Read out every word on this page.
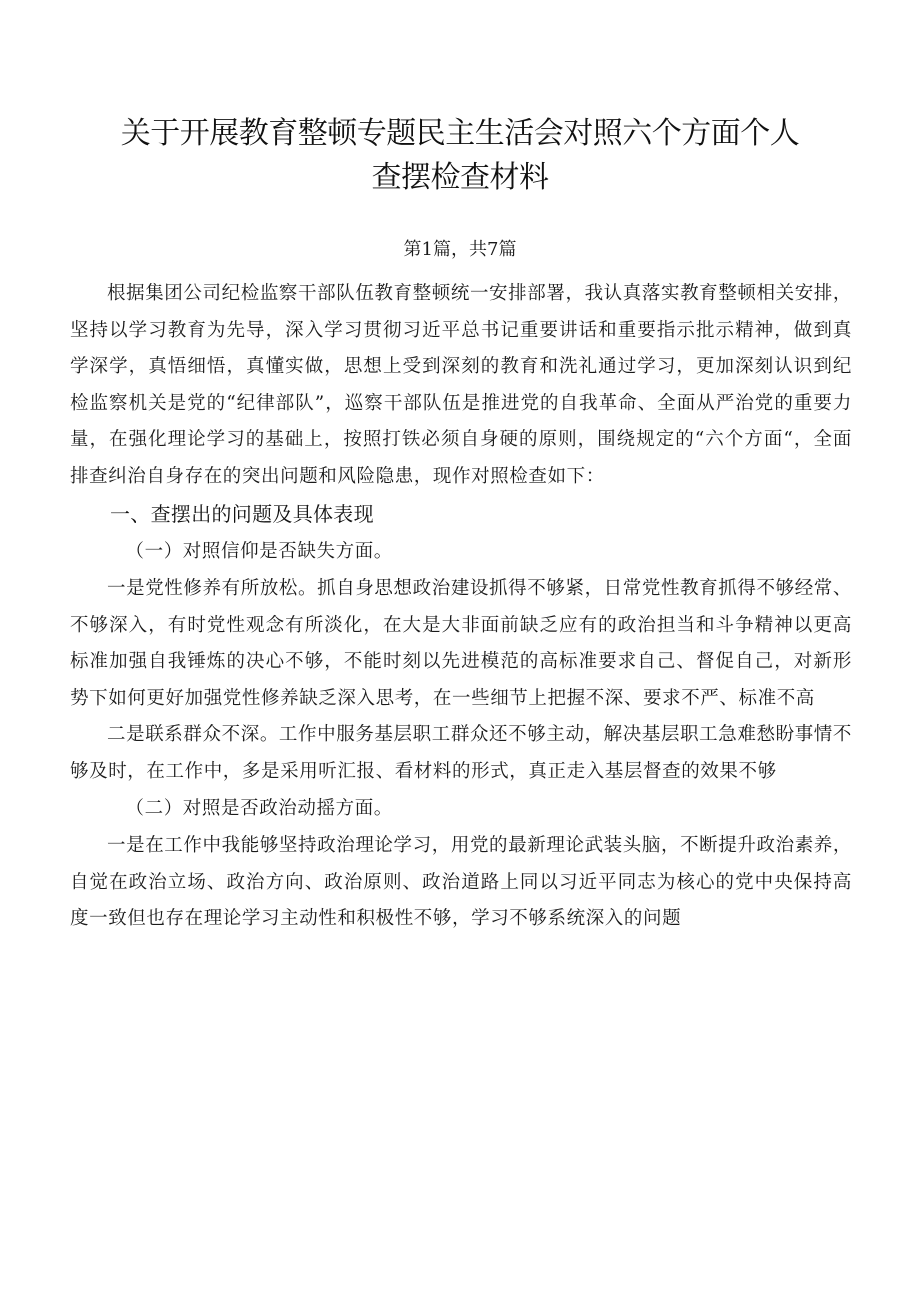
关于开展教育整顿专题民主生活会对照六个方面个人
查摆检查材料
第1篇，共7篇

根据集团公司纪检监察干部队伍教育整顿统一安排部署，我认真落实教育整顿相关安排，坚持以学习教育为先导，深入学习贯彻习近平总书记重要讲话和重要指示批示精神，做到真学深学，真悟细悟，真懂实做，思想上受到深刻的教育和洗礼通过学习，更加深刻认识到纪检监察机关是党的“纪律部队”，巡察干部队伍是推进党的自我革命、全面从严治党的重要力量，在强化理论学习的基础上，按照打铁必须自身硬的原则，围绕规定的“六个方面“，全面排查纠治自身存在的突出问题和风险隐患，现作对照检查如下：

一、查摆出的问题及具体表现

（一）对照信仰是否缺失方面。

一是党性修养有所放松。抓自身思想政治建设抓得不够紧，日常党性教育抓得不够经常、不够深入，有时党性观念有所淡化，在大是大非面前缺乏应有的政治担当和斗争精神以更高标准加强自我锤炼的决心不够，不能时刻以先进模范的高标准要求自己、督促自己，对新形势下如何更好加强党性修养缺乏深入思考，在一些细节上把握不深、要求不严、标准不高

二是联系群众不深。工作中服务基层职工群众还不够主动，解决基层职工急难愁盼事情不够及时，在工作中，多是采用听汇报、看材料的形式，真正走入基层督查的效果不够

（二）对照是否政治动摇方面。

一是在工作中我能够坚持政治理论学习，用党的最新理论武装头脑，不断提升政治素养，自觉在政治立场、政治方向、政治原则、政治道路上同以习近平同志为核心的党中央保持高度一致但也存在理论学习主动性和积极性不够，学习不够系统深入的问题
